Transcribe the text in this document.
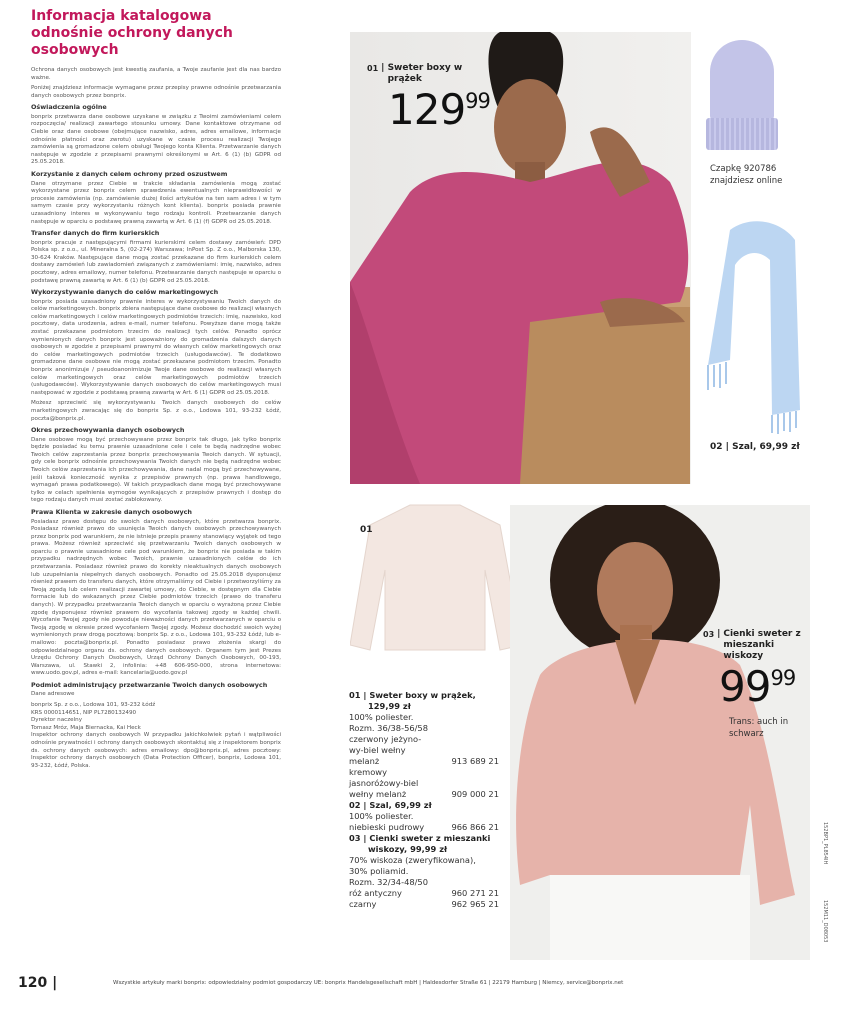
Informacja katalogowa odnośnie ochrony danych osobowych
Ochrona danych osobowych jest kwestią zaufania, a Twoje zaufanie jest dla nas bardzo ważne.
Poniżej znajdziesz informacje wymagane przez przepisy prawne odnośnie przetwarzania danych osobowych przez bonprix.
Oświadczenia ogólne
bonprix przetwarza dane osobowe uzyskane w związku z Twoimi zamówieniami celem rozpoczęcia/ realizacji zawartego stosunku umowy. Dane kontaktowe otrzymane od Ciebie oraz dane osobowe (obejmujące nazwisko, adres, adres emailowe, informacje odnośnie płatności oraz zwrotu) uzyskane w czasie procesu realizacji Twojego zamówienia są gromadzone celem obsługi Twojego konta Klienta. Przetwarzanie danych następuje w zgodzie z przepisami prawnymi określonymi w Art. 6 (1) (b) GDPR od 25.05.2018.
Korzystanie z danych celem ochrony przed oszustwem
Dane otrzymane przez Ciebie w trakcie składania zamówienia mogą zostać wykorzystane przez bonprix celem sprawdzenia ewentualnych nieprawidłowości w procesie zamówienia (np. zamówienie dużej ilości artykułów na ten sam adres i w tym samym czasie przy wykorzystaniu różnych kont klienta). bonprix posiada prawnie uzasadniony interes w wykonywaniu tego rodzaju kontroli. Przetwarzanie danych następuje w oparciu o podstawę prawną zawartą w Art. 6 (1) (f) GDPR od 25.05.2018.
Transfer danych do firm kurierskich
bonprix pracuje z następującymi firmami kurierskimi celem dostawy zamówień: DPD Polska sp. z o.o., ul. Mineralna 5, (02-274) Warszawa; InPost Sp. Z o.o., Malborska 130, 30-624 Kraków. Następujące dane mogą zostać przekazane do firm kurierskich celem dostawy zamówień lub zawiadomień związanych z zamówieniami: imię, nazwisko, adres pocztowy, adres emailowy, numer telefonu. Przetwarzanie danych następuje w oparciu o podstawę prawną zawartą w Art. 6 (1) (b) GDPR od 25.05.2018.
Wykorzystywanie danych do celów marketingowych
bonprix posiada uzasadniony prawnie interes w wykorzystywaniu Twoich danych do celów marketingowych. bonprix zbiera następujące dane osobowe do realizacji własnych celów marketingowych i celów marketingowych podmiotów trzecich: imię, nazwisko, kod pocztowy, data urodzenia, adres e-mail, numer telefonu. Powyższe dane mogą także zostać przekazane podmiotom trzecim do realizacji tych celów. Ponadto oprócz wymienionych danych bonprix jest upoważniony do gromadzenia dalszych danych osobowych w zgodzie z przepisami prawnymi do własnych celów marketingowych oraz do celów marketingowych podmiotów trzecich (usługodawców). Te dodatkowo gromadzone dane osobowe nie mogą zostać przekazane podmiotom trzecim. Ponadto bonprix anonimizuje / pseudoanonimizuje Twoje dane osobowe do realizacji własnych celów marketingowych oraz celów marketingowych podmiotów trzecich (usługodawców). Wykorzystywanie danych osobowych do celów marketingowych musi następować w zgodzie z podstawą prawną zawartą w Art. 6 (1) GDPR od 25.05.2018.
Możesz sprzeciwić się wykorzystywaniu Twoich danych osobowych do celów marketingowych zwracając się do bonprix Sp. z o.o., Lodowa 101, 93-232 Łódź, poczta@bonprix.pl.
Okres przechowywania danych osobowych
Dane osobowe mogą być przechowywane przez bonprix tak długo, jak tylko bonprix będzie posiadać ku temu prawnie uzasadnione cele i cele te będą nadrzędne wobec Twoich celów zaprzestania przez bonprix przechowywania Twoich danych. W sytuacji, gdy cele bonprix odnośnie przechowywania Twoich danych nie będą nadrzędne wobec Twoich celów zaprzestania ich przechowywania, dane nadal mogą być przechowywane, jeśli taková konieczność wynika z przepisów prawnych (np. prawa handlowego, wymagań prawa podatkowego). W takich przypadkach dane mogą być przechowywane tylko w celach spełnienia wymogów wynikających z przepisów prawnych i dostęp do tego rodzaju danych musi zostać zablokowany.
Prawa Klienta w zakresie danych osobowych
Posiadasz prawo dostępu do swoich danych osobowych, które przetwarza bonprix. Posiadasz również prawo do usunięcia Twoich danych osobowych przechowywanych przez bonprix pod warunkiem, że nie istnieje przepis prawny stanowiący wyjątek od tego prawa. Możesz również sprzeciwić się przetwarzaniu Twoich danych osobowych w oparciu o prawnie uzasadnione cele pod warunkiem, że bonprix nie posiada w takim przypadku nadrzędnych wobec Twoich, prawnie uzasadnionych celów do ich przetwarzania. Posiadasz również prawo do korekty nieaktualnych danych osobowych lub uzupełniania niepełnych danych osobowych. Ponadto od 25.05.2018 dysponujesz również prawem do transferu danych, które otrzymaliśmy od Ciebie i przetworzyliśmy za Twoją zgodą lub celem realizacji zawartej umowy, do Ciebie, w dostępnym dla Ciebie formacie lub do wskazanych przez Ciebie podmiotów trzecich (prawo do transferu danych). W przypadku przetwarzania Twoich danych w oparciu o wyrażoną przez Ciebie zgodę dysponujesz również prawem do wycofania takowej zgody w każdej chwili. Wycofanie Twojej zgody nie powoduje nieważności danych przetwarzanych w oparciu o Twoją zgodę w okresie przed wycofaniem Twojej zgody. Możesz dochodzić swoich wyżej wymienionych praw drogą pocztową: bonprix Sp. z o.o., Lodowa 101, 93-232 Łódź, lub e-mailowo: poczta@bonprix.pl. Ponadto posiadasz prawo złożenia skargi do odpowiedzialnego organu ds. ochrony danych osobowych. Organem tym jest Prezes Urzędu Ochrony Danych Osobowych, Urząd Ochrony Danych Osobowych, 00-193, Warszawa, ul. Stawki 2, infolinia: +48 606-950-000, strona internetowa: www.uodo.gov.pl, adres e-mail: kancelaria@uodo.gov.pl
Podmiot administrujący przetwarzanie Twoich danych osobowych
Dane adresowe
bonprix Sp. z o.o., Lodowa 101, 93-232 Łódź
KRS 0000114651, NIP PL7280132490
Dyrektor naczelny
Tomasz Mróz, Maja Biernacka, Kai Heck
Inspektor ochrony danych osobowych W przypadku jakichkolwiek pytań i wątpliwości odnośnie prywatności i ochrony danych osobowych skontaktuj się z inspektorem bonprix ds. ochrony danych osobowych: adres emailowy: dpo@bonprix.pl, adres pocztowy: Inspektor ochrony danych osobowych (Data Protection Officer), bonprix, Lodowa 101, 93-232, Łódź, Polska.
01 | Sweter boxy w prążek
$129^{99}$
Czapkę 920786 znajdziesz online
02 | Szal, 69,99 zł
01
03 |
Cienki sweter z mieszanki wiskozy
$99^{99}$
Trans: auch in schwarz
01 | Sweter boxy w prążek,
129,99 zł
100% poliester.
Rozm. 36/38-56/58
czerwony jeżyno-wy-biel wełny melanż	913 689 21
kremowy jasnoróżowy-biel wełny melanż	909 000 21
02 | Szal, 69,99 zł
100% poliester.
niebieski pudrowy	966 866 21
03 | Cienki sweter z mieszanki
wiskozy, 99,99 zł
70% wiskoza (zweryfikowana),
30% poliamid.
Rozm. 32/34-48/50
róż antyczny	960 271 21
czarny	962 965 21
120 |	Wszystkie artykuły marki bonprix: odpowiedzialny podmiot gospodarczy UE: bonprix Handelsgesellschaft mbH | Haldesdorfer Straße 61 | 22179 Hamburg | Niemcy, service@bonprix.net
152BP1_PL854IH
152M11_D08053
